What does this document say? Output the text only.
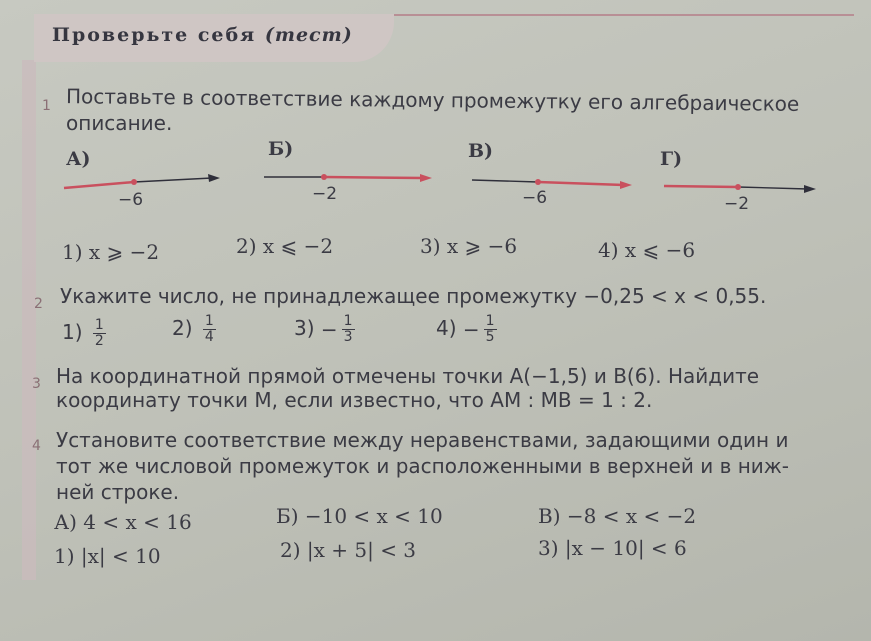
Проверьте себя (тест)
1 Поставьте в соответствие каждому промежутку его алгебраическое
описание.
А)	Б)	В)	Г)
−6	−2	−6	−2
1) x ⩾ −2	2) x ⩽ −2	3) x ⩾ −6	4) x ⩽ −6
2 Укажите число, не принадлежащее промежутку −0,25 < x < 0,55.
$1) \frac{1}{2}$	$2) \frac{1}{4}$	$3) - \frac{1}{3}$	$4) - \frac{1}{5}$
3 На координатной прямой отмечены точки A(−1,5) и B(6). Найдите
координату точки M, если известно, что AM : MB = 1 : 2.
4 Установите соответствие между неравенствами, задающими один и
тот же числовой промежуток и расположенными в верхней и в ниж-
ней строке.
А) 4 < x < 16	Б) −10 < x < 10	В) −8 < x < −2
1) |x| < 10	2) |x + 5| < 3	3) |x − 10| < 6
